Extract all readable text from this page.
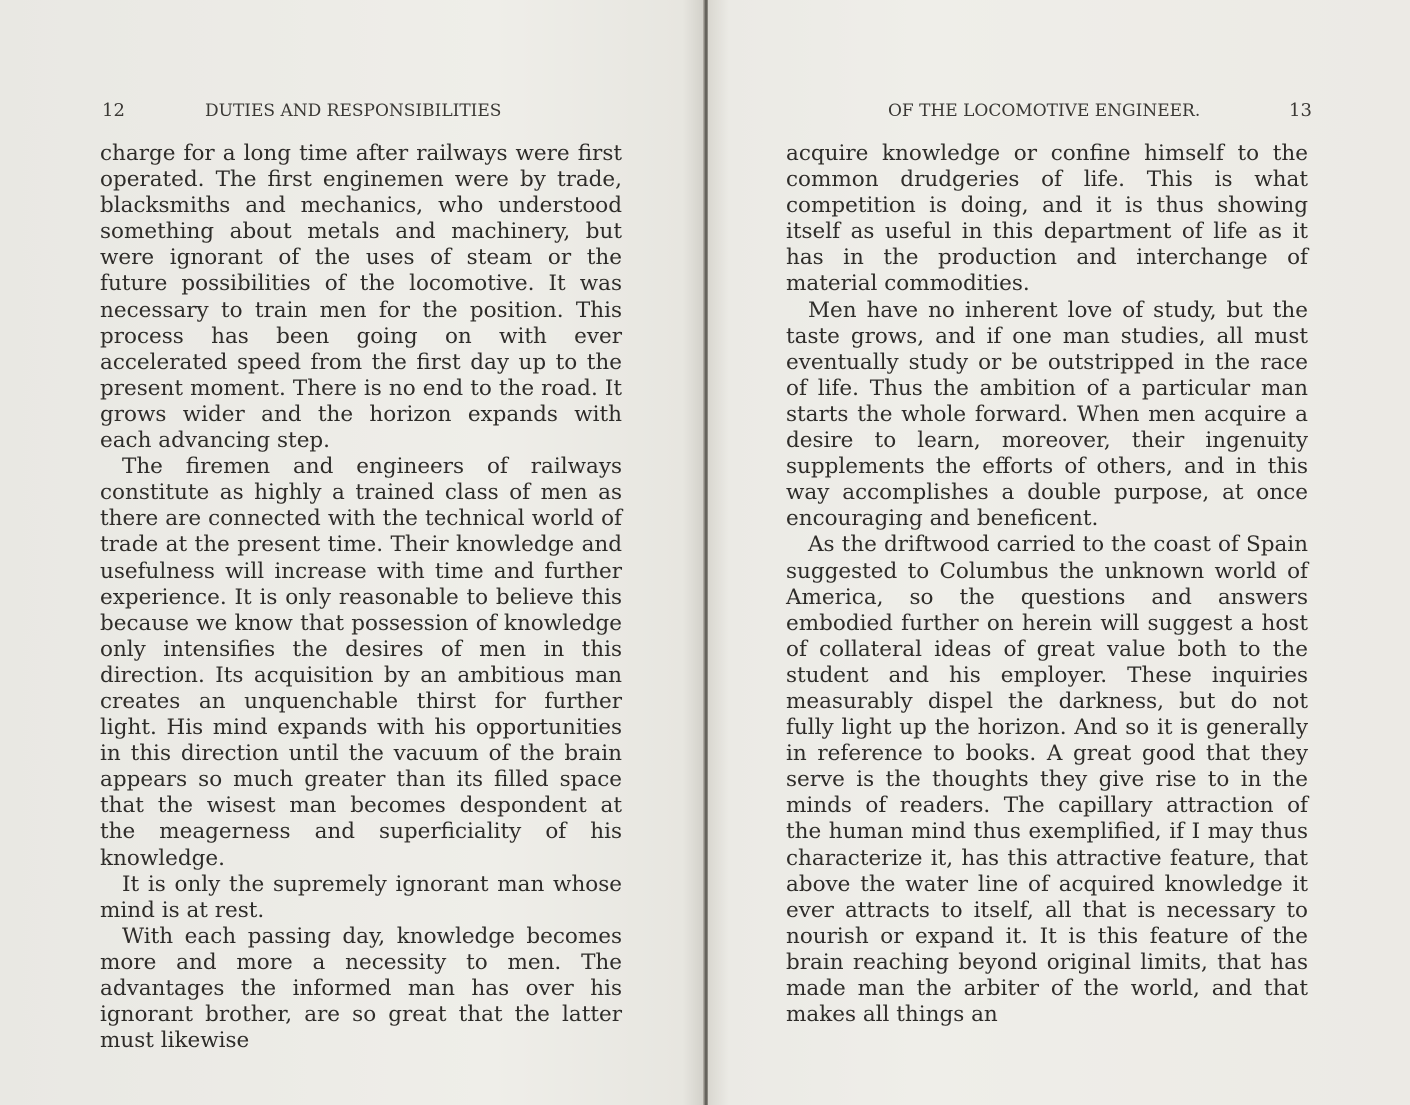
12	DUTIES AND RESPONSIBILITIES

charge for a long time after railways were first operated. The first enginemen were by trade, blacksmiths and mechanics, who understood something about metals and machinery, but were ignorant of the uses of steam or the future possibilities of the locomotive. It was necessary to train men for the position. This process has been going on with ever accelerated speed from the first day up to the present moment. There is no end to the road. It grows wider and the horizon expands with each advancing step.

The firemen and engineers of railways constitute as highly a trained class of men as there are connected with the technical world of trade at the present time. Their knowledge and usefulness will increase with time and further experience. It is only reasonable to believe this because we know that possession of knowledge only intensifies the desires of men in this direction. Its acquisition by an ambitious man creates an unquenchable thirst for further light. His mind expands with his opportunities in this direction until the vacuum of the brain appears so much greater than its filled space that the wisest man becomes despondent at the meagerness and superficiality of his knowledge.

It is only the supremely ignorant man whose mind is at rest.

With each passing day, knowledge becomes more and more a necessity to men. The advantages the informed man has over his ignorant brother, are so great that the latter must likewise

OF THE LOCOMOTIVE ENGINEER.	13

acquire knowledge or confine himself to the common drudgeries of life. This is what competition is doing, and it is thus showing itself as useful in this department of life as it has in the production and interchange of material commodities.

Men have no inherent love of study, but the taste grows, and if one man studies, all must eventually study or be outstripped in the race of life. Thus the ambition of a particular man starts the whole forward. When men acquire a desire to learn, moreover, their ingenuity supplements the efforts of others, and in this way accomplishes a double purpose, at once encouraging and beneficent.

As the driftwood carried to the coast of Spain suggested to Columbus the unknown world of America, so the questions and answers embodied further on herein will suggest a host of collateral ideas of great value both to the student and his employer. These inquiries measurably dispel the darkness, but do not fully light up the horizon. And so it is generally in reference to books. A great good that they serve is the thoughts they give rise to in the minds of readers. The capillary attraction of the human mind thus exemplified, if I may thus characterize it, has this attractive feature, that above the water line of acquired knowledge it ever attracts to itself, all that is necessary to nourish or expand it. It is this feature of the brain reaching beyond original limits, that has made man the arbiter of the world, and that makes all things an
